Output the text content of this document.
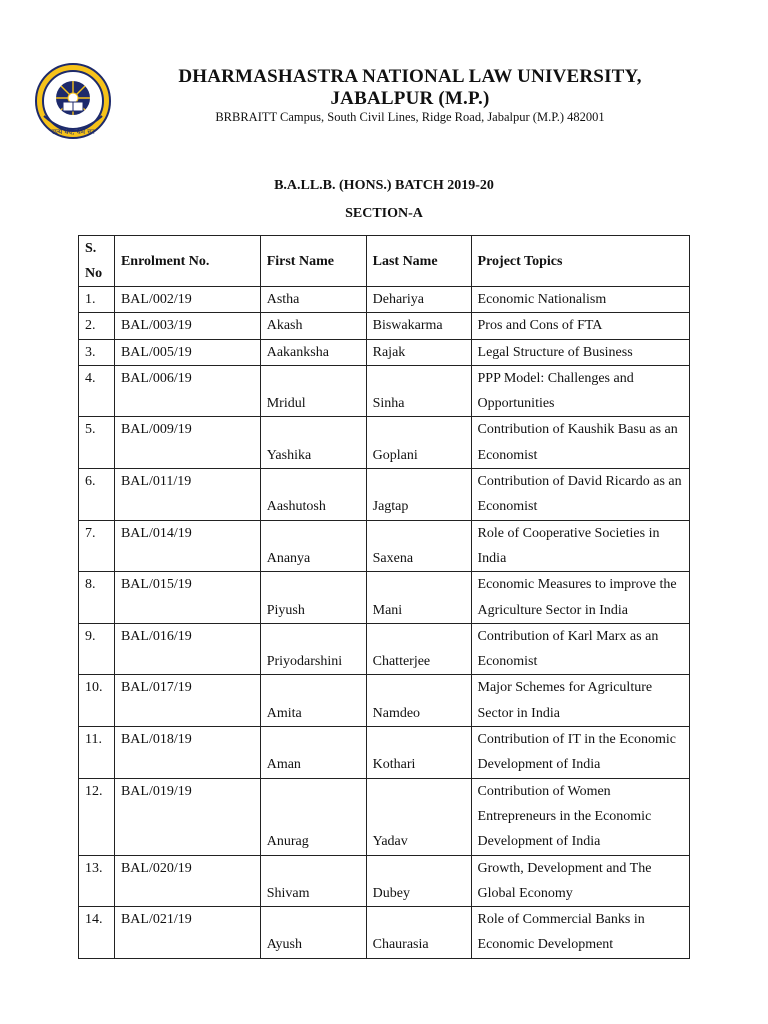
सत्यं वद, धर्मं चर
DHARMASHASTRA NATIONAL LAW UNIVERSITY,
JABALPUR (M.P.)
BRBRAITT Campus, South Civil Lines, Ridge Road, Jabalpur (M.P.) 482001
B.A.LL.B. (HONS.) BATCH 2019-20
SECTION-A
S. No	Enrolment No.	First Name	Last Name	Project Topics
1.	BAL/002/19	Astha	Dehariya	Economic Nationalism
2.	BAL/003/19	Akash	Biswakarma	Pros and Cons of FTA
3.	BAL/005/19	Aakanksha	Rajak	Legal Structure of Business
4.	BAL/006/19	Mridul	Sinha	PPP Model: Challenges and Opportunities
5.	BAL/009/19	Yashika	Goplani	Contribution of Kaushik Basu as an Economist
6.	BAL/011/19	Aashutosh	Jagtap	Contribution of David Ricardo as an Economist
7.	BAL/014/19	Ananya	Saxena	Role of Cooperative Societies in India
8.	BAL/015/19	Piyush	Mani	Economic Measures to improve the Agriculture Sector in India
9.	BAL/016/19	Priyodarshini	Chatterjee	Contribution of Karl Marx as an Economist
10.	BAL/017/19	Amita	Namdeo	Major Schemes for Agriculture Sector in India
11.	BAL/018/19	Aman	Kothari	Contribution of IT in the Economic Development of India
12.	BAL/019/19	Anurag	Yadav	Contribution of Women Entrepreneurs in the Economic Development of India
13.	BAL/020/19	Shivam	Dubey	Growth, Development and The Global Economy
14.	BAL/021/19	Ayush	Chaurasia	Role of Commercial Banks in Economic Development
